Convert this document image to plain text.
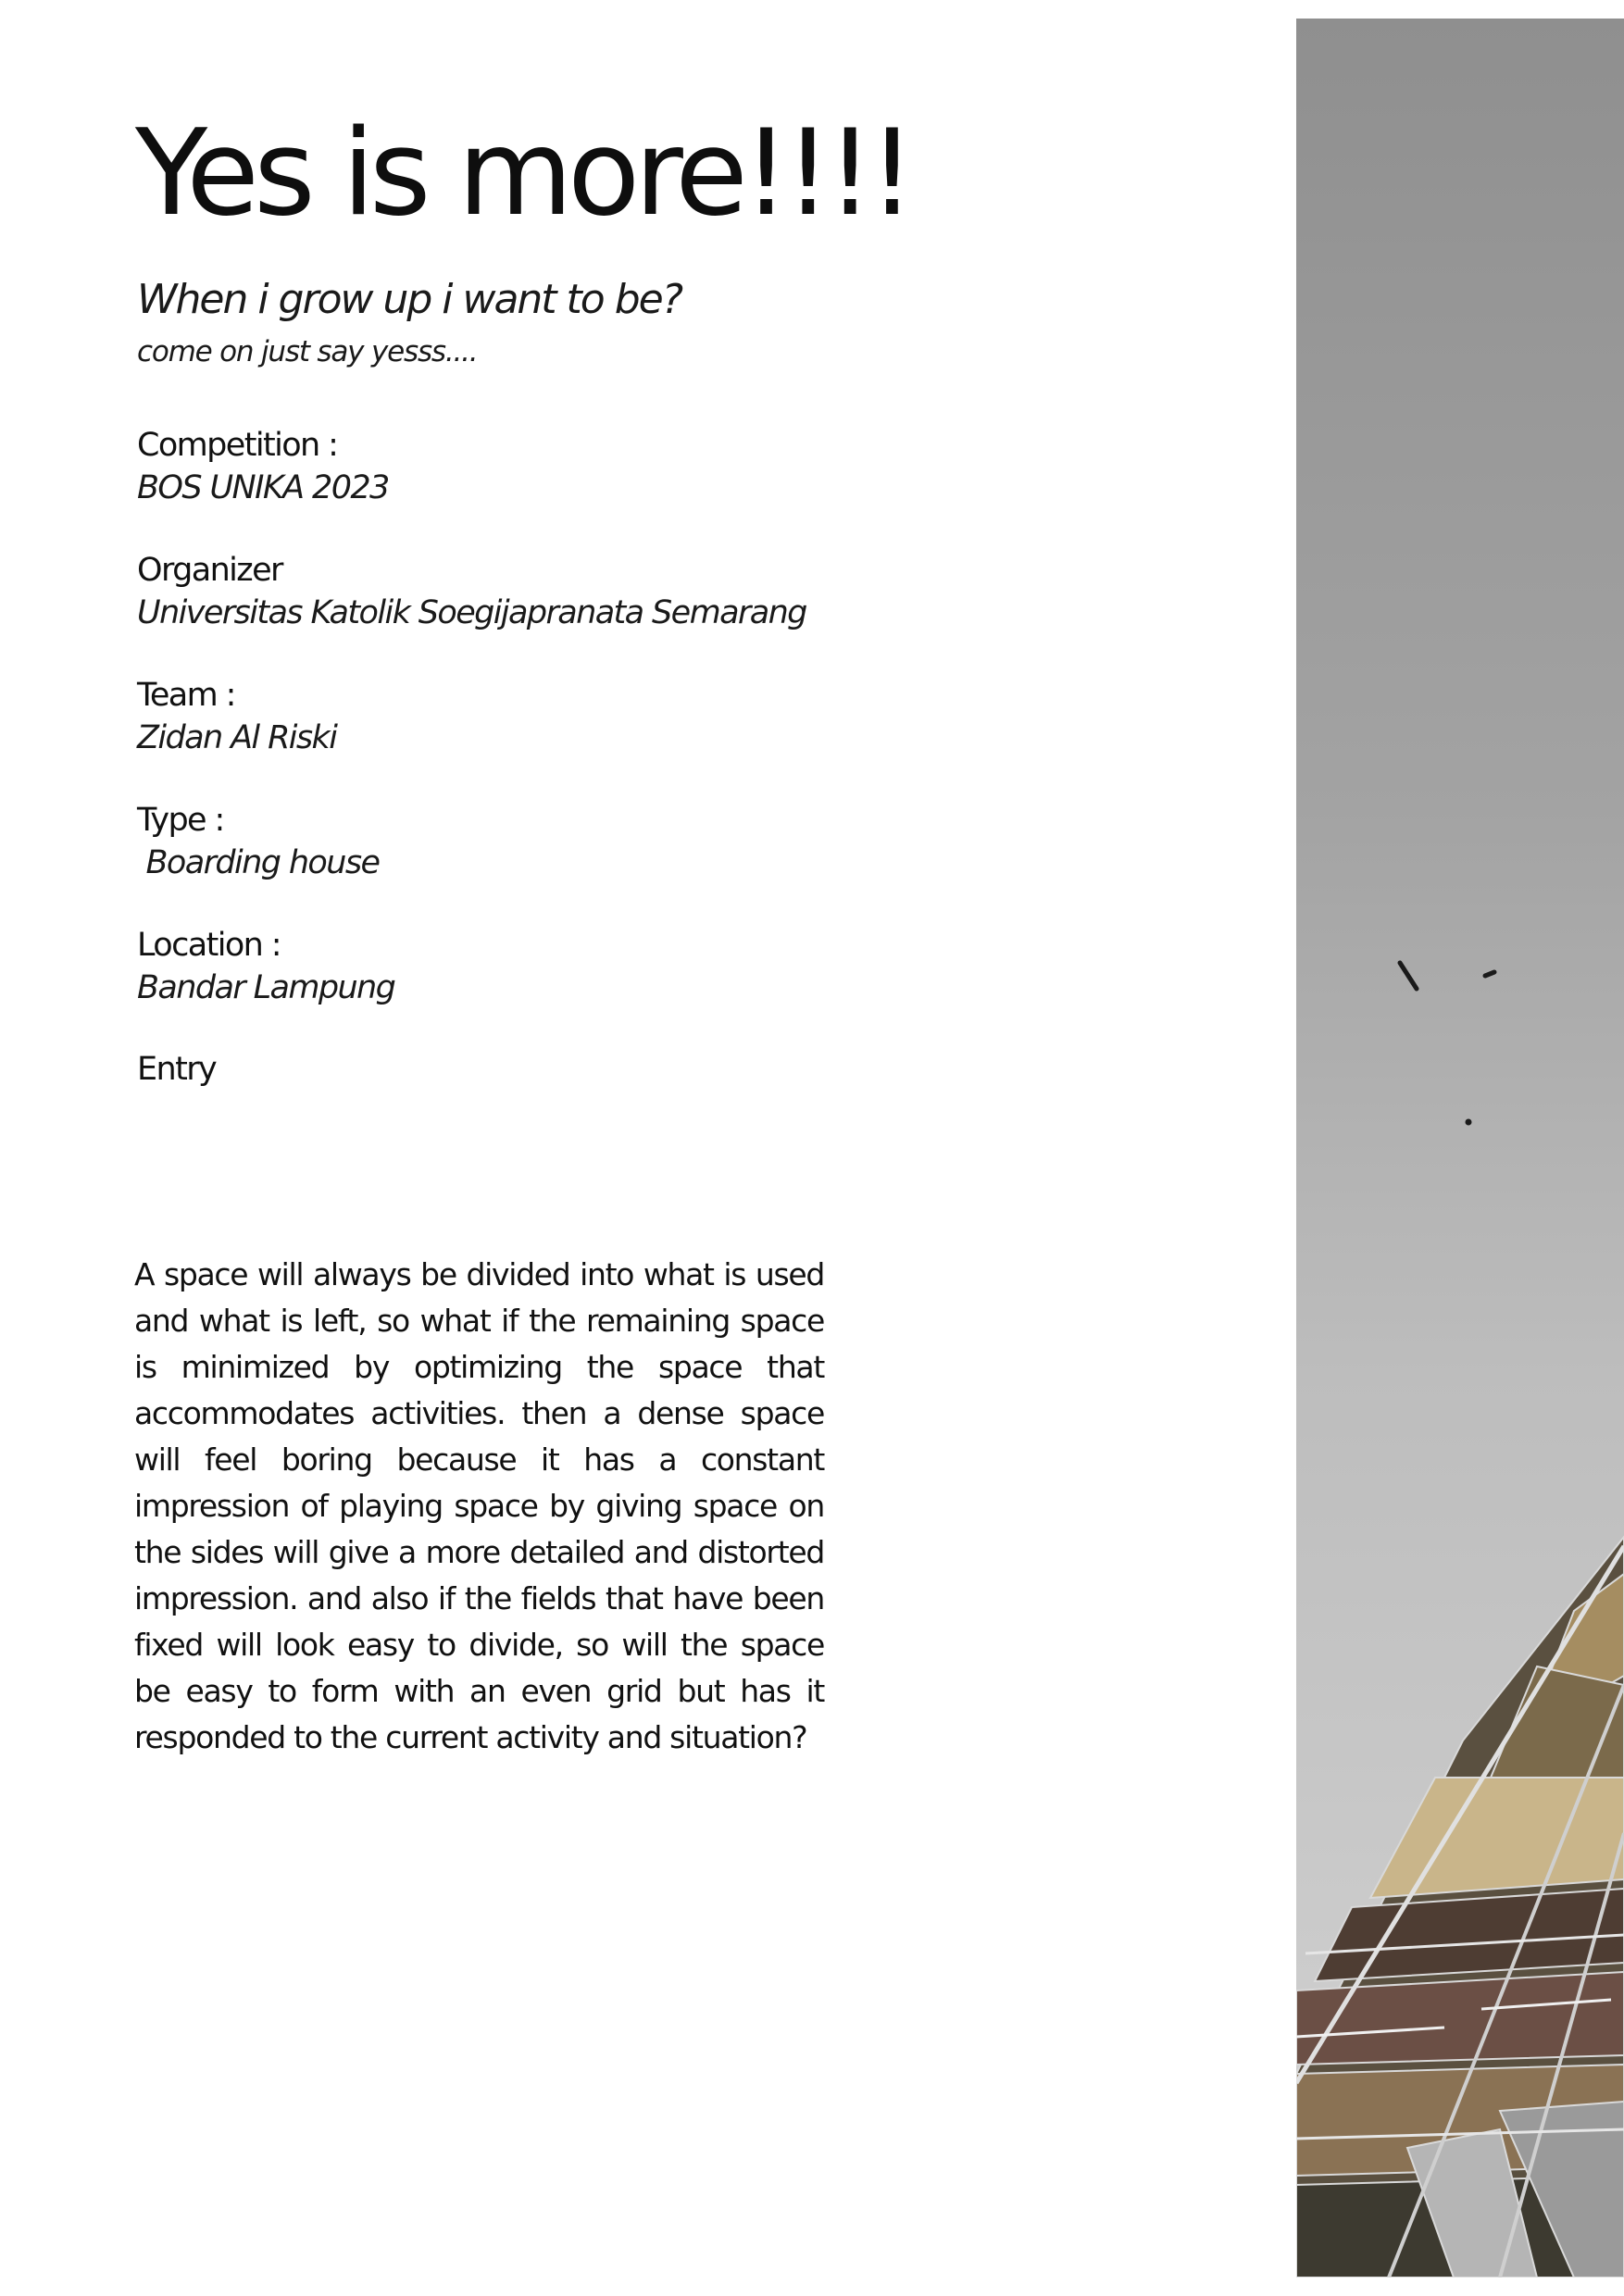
Yes is more!!!!
When i grow up i want to be?
come on just say yesss....
Competition :
BOS UNIKA 2023
Organizer
Universitas Katolik Soegijapranata Semarang
Team :
Zidan Al Riski
Type :
Boarding house
Location :
Bandar Lampung
Entry

A space will always be divided into what is used and what is left, so what if the remaining space is minimized by optimizing the space that accommodates activities. then a dense space will feel boring because it has a constant impression of playing space by giving space on the sides will give a more detailed and distorted impression. and also if the fields that have been fixed will look easy to divide, so will the space be easy to form with an even grid but has it responded to the current activity and situation?
